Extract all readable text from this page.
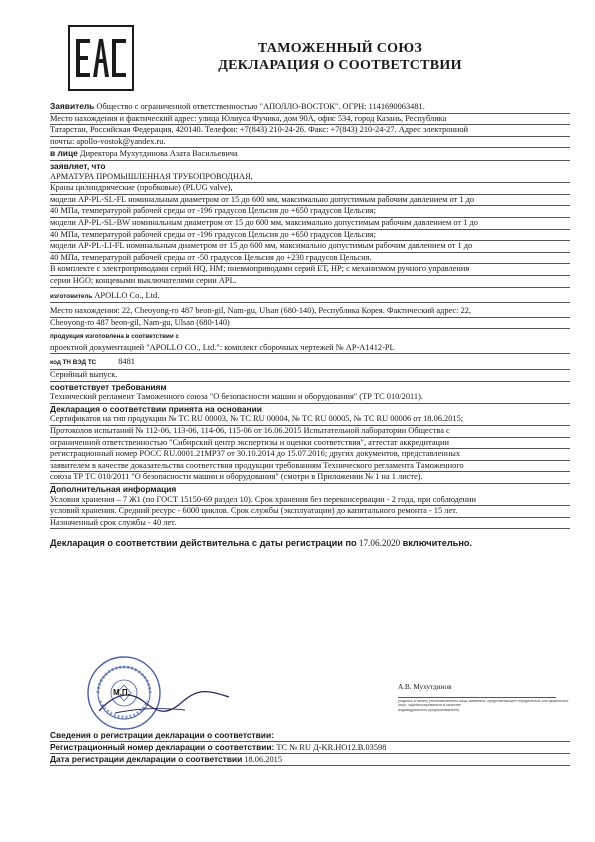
ТАМОЖЕННЫЙ СОЮЗ
ДЕКЛАРАЦИЯ О СООТВЕТСТВИИ
Заявитель Общество с ограниченной ответственностью "АПОЛЛО-ВОСТОК". ОГРН: 1141690063481.
Место нахождения и фактический адрес: улица Юлиуса Фучика, дом 90А, офис 534, город Казань, Республика
Татарстан, Российская Федерация, 420140. Телефон: +7(843) 210-24-26. Факс: +7(843) 210-24-27. Адрес электронной
почты: apollo-vostok@yandex.ru.
в лице Директора Мухутдинова Азата Васильевича
заявляет, что
АРМАТУРА ПРОМЫШЛЕННАЯ ТРУБОПРОВОДНАЯ,
Краны цилиндрические (пробковые) (PLUG valve),
модели AP-PL-SL-FL номинальным диаметром от 15 до 600 мм, максимально допустимым рабочим давлением от 1 до
40 МПа, температурой рабочей среды от -196 градусов Цельсия до +650 градусов Цельсия;
модели AP-PL-SL-BW номинальным диаметром от 15 до 600 мм, максимально допустимым рабочим давлением от 1 до
40 МПа, температурой рабочей среды от -196 градусов Цельсия до +650 градусов Цельсия;
модели AP-PL-LI-FL номинальным диаметром от 15 до 600 мм, максимально допустимым рабочим давлением от 1 до
40 МПа, температурой рабочей среды от -50 градусов Цельсия до +230 градусов Цельсия.
В комплекте с электроприводами серий HQ, HM; пневмоприводами серий ET, HP; с механизмом ручного управления
серии HGO; концевыми выключателями серии APL.
изготовитель APOLLO Co., Ltd.
Место нахождения: 22, Cheoyong-ro 487 beon-gil, Nam-gu, Ulsan (680-140), Республика Корея. Фактический адрес: 22,
Cheoyong-ro 487 beon-gil, Nam-gu, Ulsan (680-140)
продукция изготовлена в соответствии с
проектной документацией "APOLLO CO., Ltd.": комплект сборочных чертежей № AP-A1412-PL
код ТН ВЭД ТС	8481
Серийный выпуск.
соответствует требованиям
Технический регламент Таможенного союза "О безопасности машин и оборудования" (ТР ТС 010/2011).
Декларация о соответствии принята на основании
Сертификатов на тип продукции № ТС RU 00003, № ТС RU 00004, № ТС RU 00005, № ТС RU 00006 от 18.06.2015;
Протоколов испытаний № 112-06, 113-06, 114-06, 115-06 от 16.06.2015 Испытательной лаборатории Общества с
ограниченной ответственностью "Сибирский центр экспертизы и оценки соответствия", аттестат аккредитации
регистрационный номер РОСС RU.0001.21МР37 от 30.10.2014 до 15.07.2016; других документов, представленных
заявителем в качестве доказательства соответствия продукции требованиям Технического регламента Таможенного
союза ТР ТС 010/2011 "О безопасности машин и оборудования" (смотри в Приложении № 1 на 1 листе).
Дополнительная информация
Условия хранения – 7 Ж1 (по ГОСТ 15150-69 раздел 10). Срок хранения без переконсервации - 2 года, при соблюдении
условий хранения. Средний ресурс - 6000 циклов. Срок службы (эксплуатации) до капитального ремонта - 15 лет.
Назначенный срок службы - 40 лет.
Декларация о соответствии действительна с даты регистрации по 17.06.2020 включительно.
А.В. Мухутдинов
(подпись и печать уполномоченного лица заявителя, представляющего юридическое или физическое лицо, зарегистрированное в качестве
индивидуального предпринимателя)
М.П.
Сведения о регистрации декларации о соответствии:
Регистрационный номер декларации о соответствии: ТС № RU Д-KR.НО12.В.03598
Дата регистрации декларации о соответствии 18.06.2015
